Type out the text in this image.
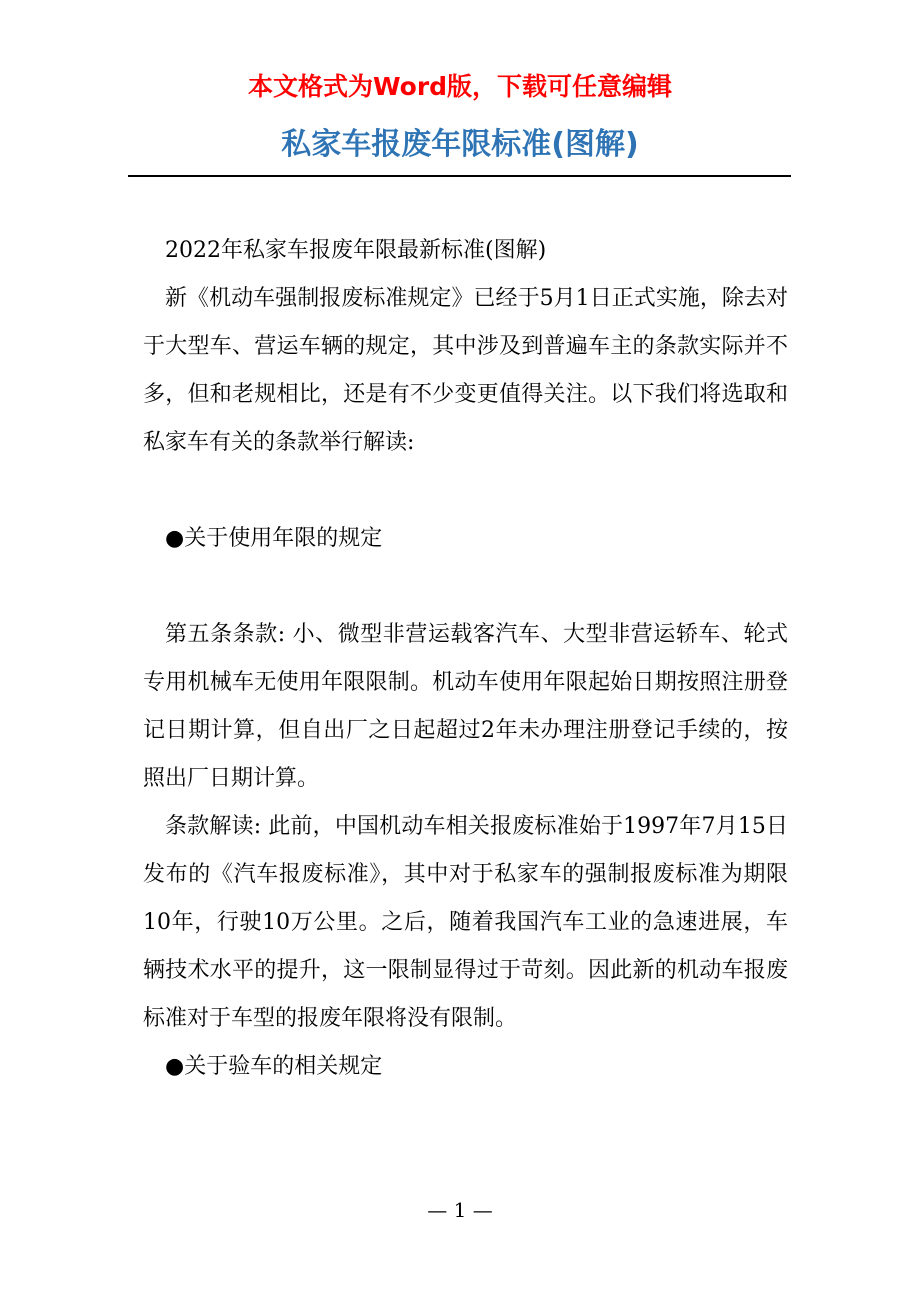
本文格式为Word版，下载可任意编辑
私家车报废年限标准(图解)

2022年私家车报废年限最新标准(图解)

新《机动车强制报废标准规定》已经于5月1日正式实施，除去对于大型车、营运车辆的规定，其中涉及到普遍车主的条款实际并不多，但和老规相比，还是有不少变更值得关注。以下我们将选取和私家车有关的条款举行解读:

●关于使用年限的规定

第五条条款: 小、微型非营运载客汽车、大型非营运轿车、轮式专用机械车无使用年限限制。机动车使用年限起始日期按照注册登记日期计算，但自出厂之日起超过2年未办理注册登记手续的，按照出厂日期计算。

条款解读: 此前，中国机动车相关报废标准始于1997年7月15日发布的《汽车报废标准》，其中对于私家车的强制报废标准为期限10年，行驶10万公里。之后，随着我国汽车工业的急速进展，车辆技术水平的提升，这一限制显得过于苛刻。因此新的机动车报废标准对于车型的报废年限将没有限制。

●关于验车的相关规定

— 1 —
